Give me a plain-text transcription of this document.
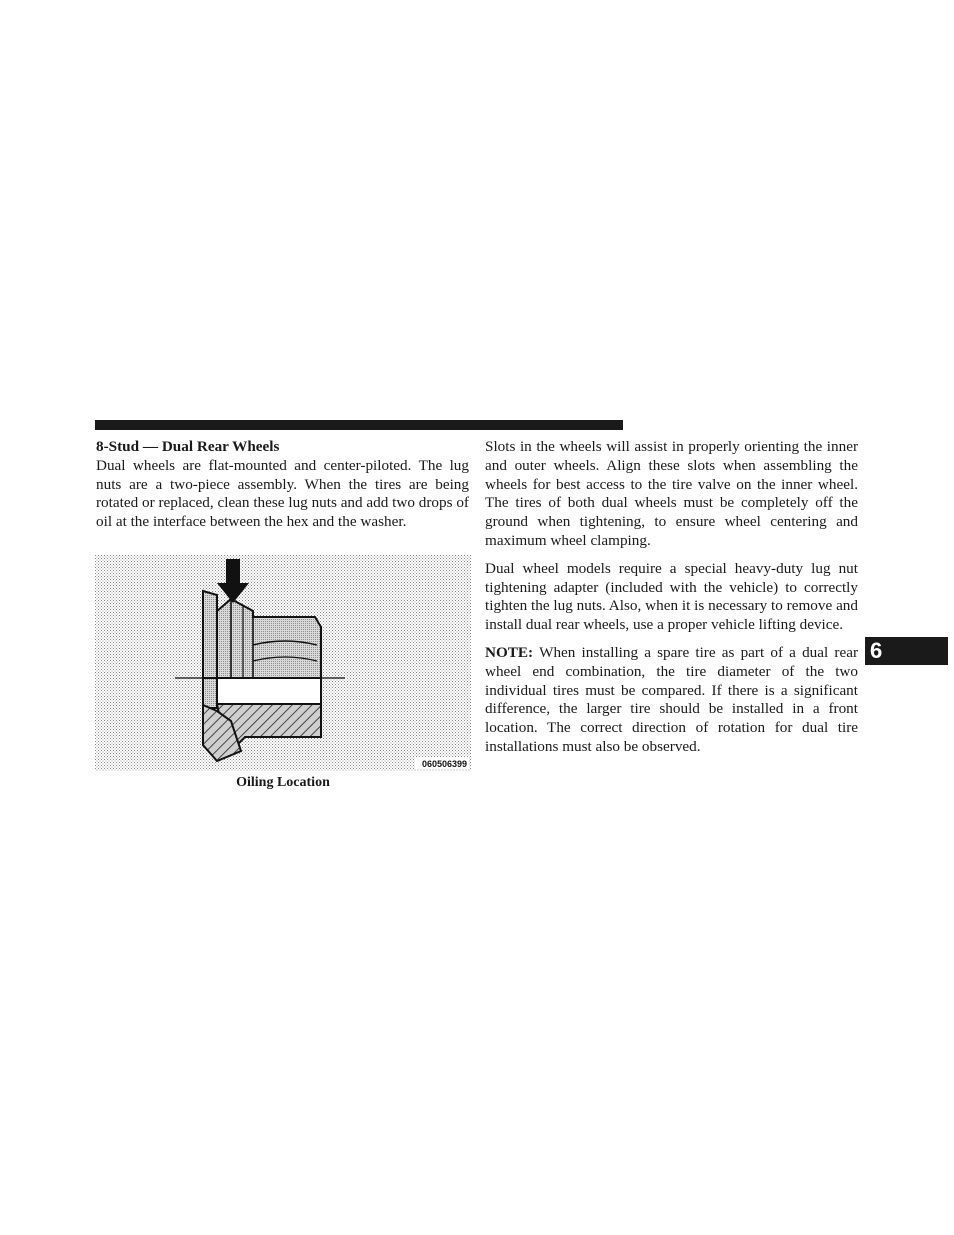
8-Stud — Dual Rear Wheels

Dual wheels are flat-mounted and center-piloted. The lug nuts are a two-piece assembly. When the tires are being rotated or replaced, clean these lug nuts and add two drops of oil at the interface between the hex and the washer.

060506399
Oiling Location

Slots in the wheels will assist in properly orienting the inner and outer wheels. Align these slots when assembling the wheels for best access to the tire valve on the inner wheel. The tires of both dual wheels must be completely off the ground when tightening, to ensure wheel centering and maximum wheel clamping.

Dual wheel models require a special heavy-duty lug nut tightening adapter (included with the vehicle) to correctly tighten the lug nuts. Also, when it is necessary to remove and install dual rear wheels, use a proper vehicle lifting device.

NOTE: When installing a spare tire as part of a dual rear wheel end combination, the tire diameter of the two individual tires must be compared. If there is a significant difference, the larger tire should be installed in a front location. The correct direction of rotation for dual tire installations must also be observed.

6
